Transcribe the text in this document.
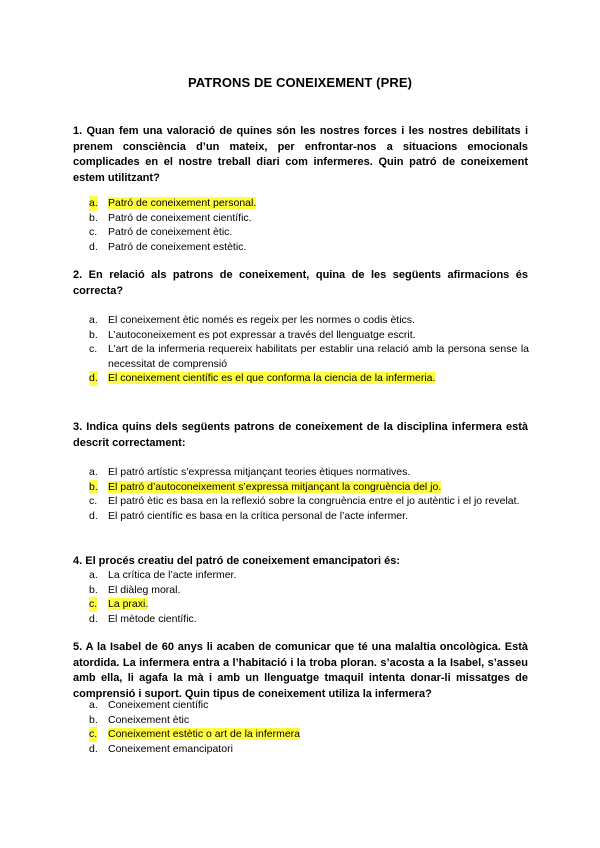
PATRONS DE CONEIXEMENT (PRE)

1. Quan fem una valoració de quines són les nostres forces i les nostres debilitats i prenem consciència d’un mateix, per enfrontar-nos a situacions emocionals complicades en el nostre treball diari com infermeres. Quin patró de coneixement estem utilitzant?

a. Patró de coneixement personal.
b. Patró de coneixement científic.
c. Patró de coneixement ètic.
d. Patró de coneixement estètic.

2. En relació als patrons de coneixement, quina de les següents afirmacions és correcta?

a. El coneixement ètic només es regeix per les normes o codis ètics.
b. L’autoconeixement es pot expressar a través del llenguatge escrit.
c. L’art de la infermeria requereix habilitats per establir una relació amb la persona sense la necessitat de comprensió
d. El coneixement científic es el que conforma la ciencia de la infermeria.

3. Indica quins dels següents patrons de coneixement de la disciplina infermera està descrit correctament:

a. El patró artístic s’expressa mitjançant teories ètiques normatives.
b. El patró d’autoconeixement s’expressa mitjançant la congruència del jo.
c. El patró ètic es basa en la reflexió sobre la congruència entre el jo autèntic i el jo revelat.
d. El patró científic es basa en la crítica personal de l’acte infermer.

4. El procés creatiu del patró de coneixement emancipatori és:

a. La crítica de l’acte infermer.
b. El diàleg moral.
c. La praxi.
d. El mètode científic.

5. A la Isabel de 60 anys li acaben de comunicar que té una malaltia oncològica. Està atordida. La infermera entra a l’habitació i la troba ploran. s’acosta a la Isabel, s’asseu amb ella, li agafa la mà i amb un llenguatge tmaquil intenta donar-li missatges de comprensió i suport. Quin tipus de coneixement utiliza la infermera?

a. Coneixement científic
b. Coneixement ètic
c. Coneixement estètic o art de la infermera
d. Coneixement emancipatori
